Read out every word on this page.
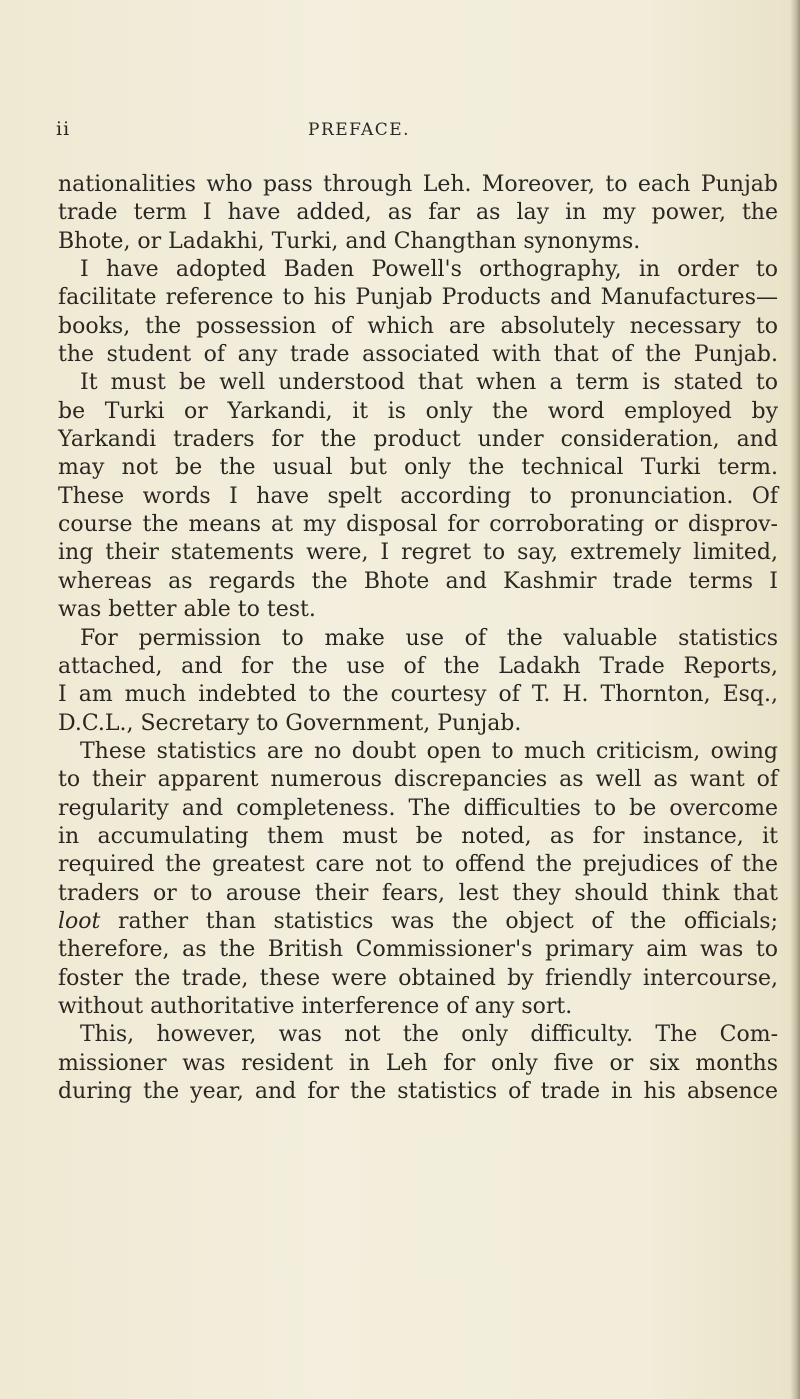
ii	PREFACE.
nationalities who pass through Leh. Moreover, to each Punjab
trade term I have added, as far as lay in my power, the
Bhote, or Ladakhi, Turki, and Changthan synonyms.
I have adopted Baden Powell's orthography, in order to
facilitate reference to his Punjab Products and Manufactures—
books, the possession of which are absolutely necessary to
the student of any trade associated with that of the Punjab.
It must be well understood that when a term is stated to
be Turki or Yarkandi, it is only the word employed by
Yarkandi traders for the product under consideration, and
may not be the usual but only the technical Turki term.
These words I have spelt according to pronunciation. Of
course the means at my disposal for corroborating or disprov-
ing their statements were, I regret to say, extremely limited,
whereas as regards the Bhote and Kashmir trade terms I
was better able to test.
For permission to make use of the valuable statistics
attached, and for the use of the Ladakh Trade Reports,
I am much indebted to the courtesy of T. H. Thornton, Esq.,
D.C.L., Secretary to Government, Punjab.
These statistics are no doubt open to much criticism, owing
to their apparent numerous discrepancies as well as want of
regularity and completeness. The difficulties to be overcome
in accumulating them must be noted, as for instance, it
required the greatest care not to offend the prejudices of the
traders or to arouse their fears, lest they should think that
loot rather than statistics was the object of the officials;
therefore, as the British Commissioner's primary aim was to
foster the trade, these were obtained by friendly intercourse,
without authoritative interference of any sort.
This, however, was not the only difficulty. The Com-
missioner was resident in Leh for only five or six months
during the year, and for the statistics of trade in his absence
